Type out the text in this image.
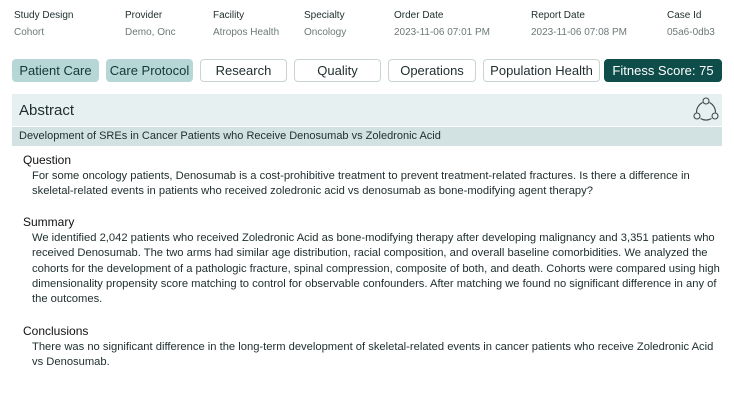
Study Design
Cohort
Provider
Demo, Onc
Facility
Atropos Health
Specialty
Oncology
Order Date
2023-11-06 07:01 PM
Report Date
2023-11-06 07:08 PM
Case Id
05a6-0db3
Patient Care	Care Protocol	Research	Quality	Operations	Population Health	Fitness Score: 75
Abstract
Development of SREs in Cancer Patients who Receive Denosumab vs Zoledronic Acid
Question
For some oncology patients, Denosumab is a cost-prohibitive treatment to prevent treatment-related fractures. Is there a difference in skeletal-related events in patients who received zoledronic acid vs denosumab as bone-modifying agent therapy?
Summary
We identified 2,042 patients who received Zoledronic Acid as bone-modifying therapy after developing malignancy and 3,351 patients who received Denosumab. The two arms had similar age distribution, racial composition, and overall baseline comorbidities. We analyzed the cohorts for the development of a pathologic fracture, spinal compression, composite of both, and death. Cohorts were compared using high dimensionality propensity score matching to control for observable confounders. After matching we found no significant difference in any of the outcomes.
Conclusions
There was no significant difference in the long-term development of skeletal-related events in cancer patients who receive Zoledronic Acid vs Denosumab.
